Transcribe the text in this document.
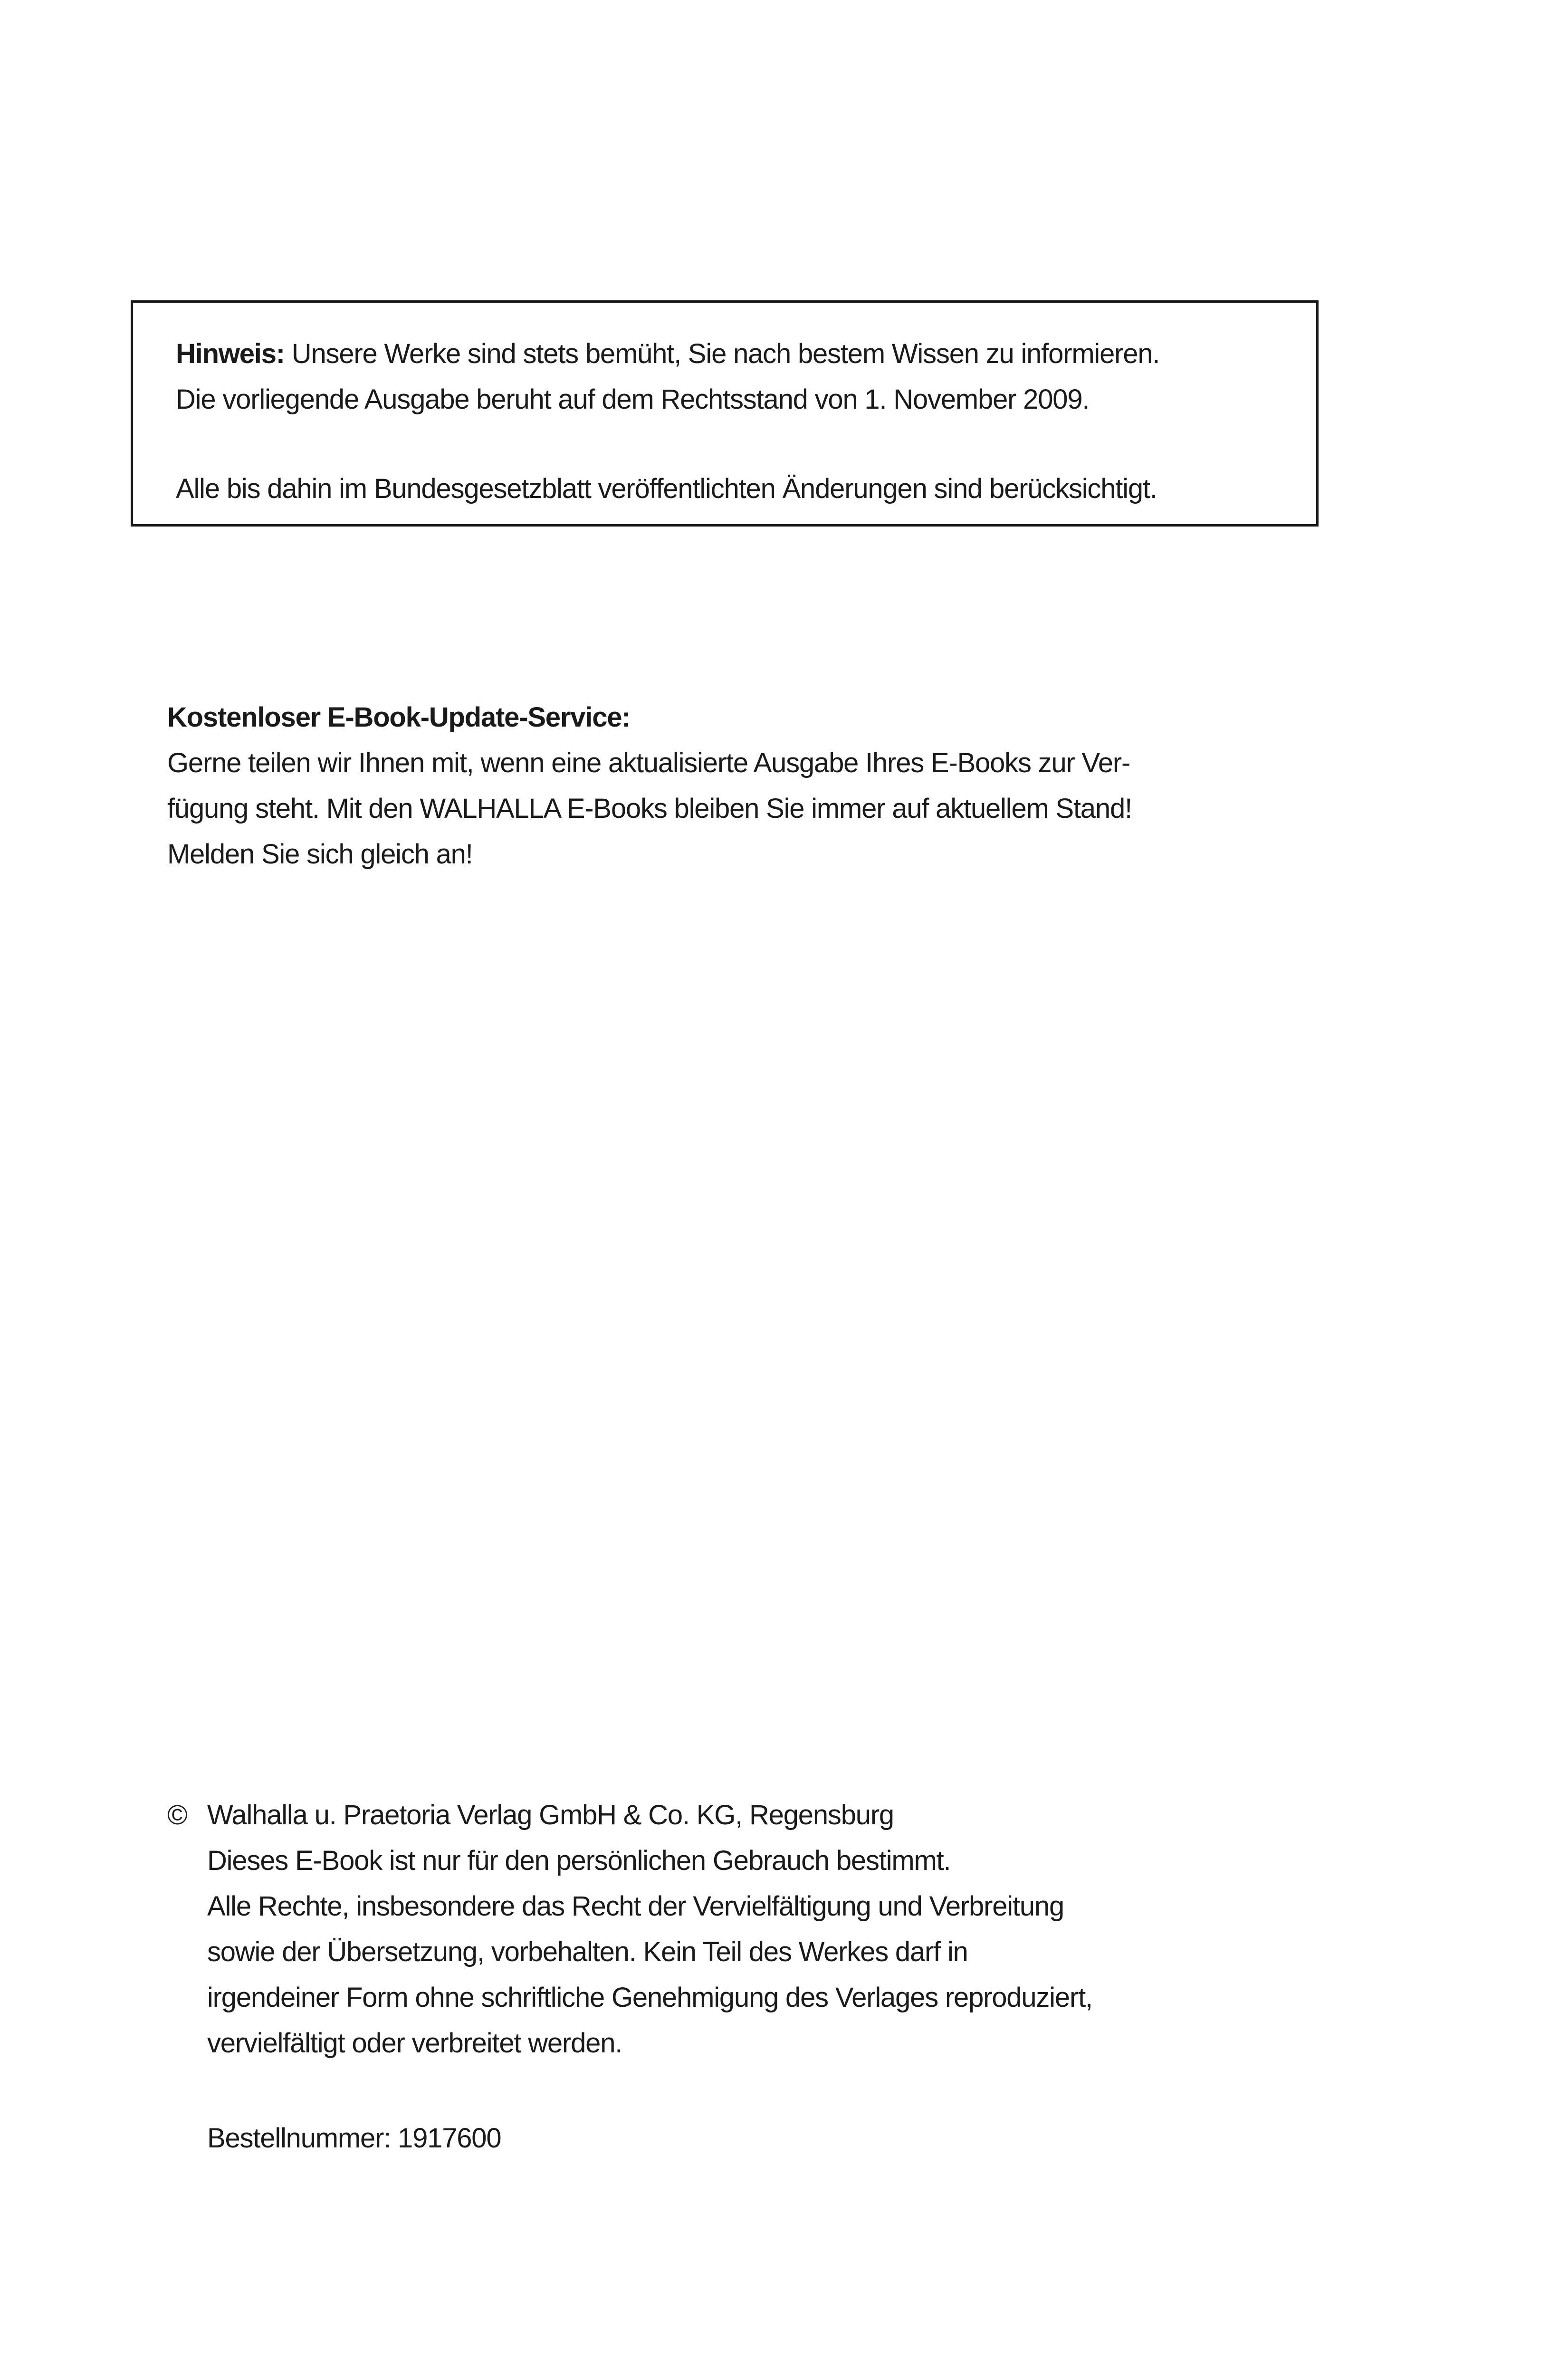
Hinweis: Unsere Werke sind stets bemüht, Sie nach bestem Wissen zu informieren.
Die vorliegende Ausgabe beruht auf dem Rechtsstand von 1. November 2009.
Alle bis dahin im Bundesgesetzblatt veröffentlichten Änderungen sind berücksichtigt.
Kostenloser E-Book-Update-Service:
Gerne teilen wir Ihnen mit, wenn eine aktualisierte Ausgabe Ihres E-Books zur Ver-
fügung steht. Mit den WALHALLA E-Books bleiben Sie immer auf aktuellem Stand!
Melden Sie sich gleich an!
© Walhalla u. Praetoria Verlag GmbH & Co. KG, Regensburg
Dieses E-Book ist nur für den persönlichen Gebrauch bestimmt.
Alle Rechte, insbesondere das Recht der Vervielfältigung und Verbreitung
sowie der Übersetzung, vorbehalten. Kein Teil des Werkes darf in
irgendeiner Form ohne schriftliche Genehmigung des Verlages reproduziert,
vervielfältigt oder verbreitet werden.
Bestellnummer: 1917600
